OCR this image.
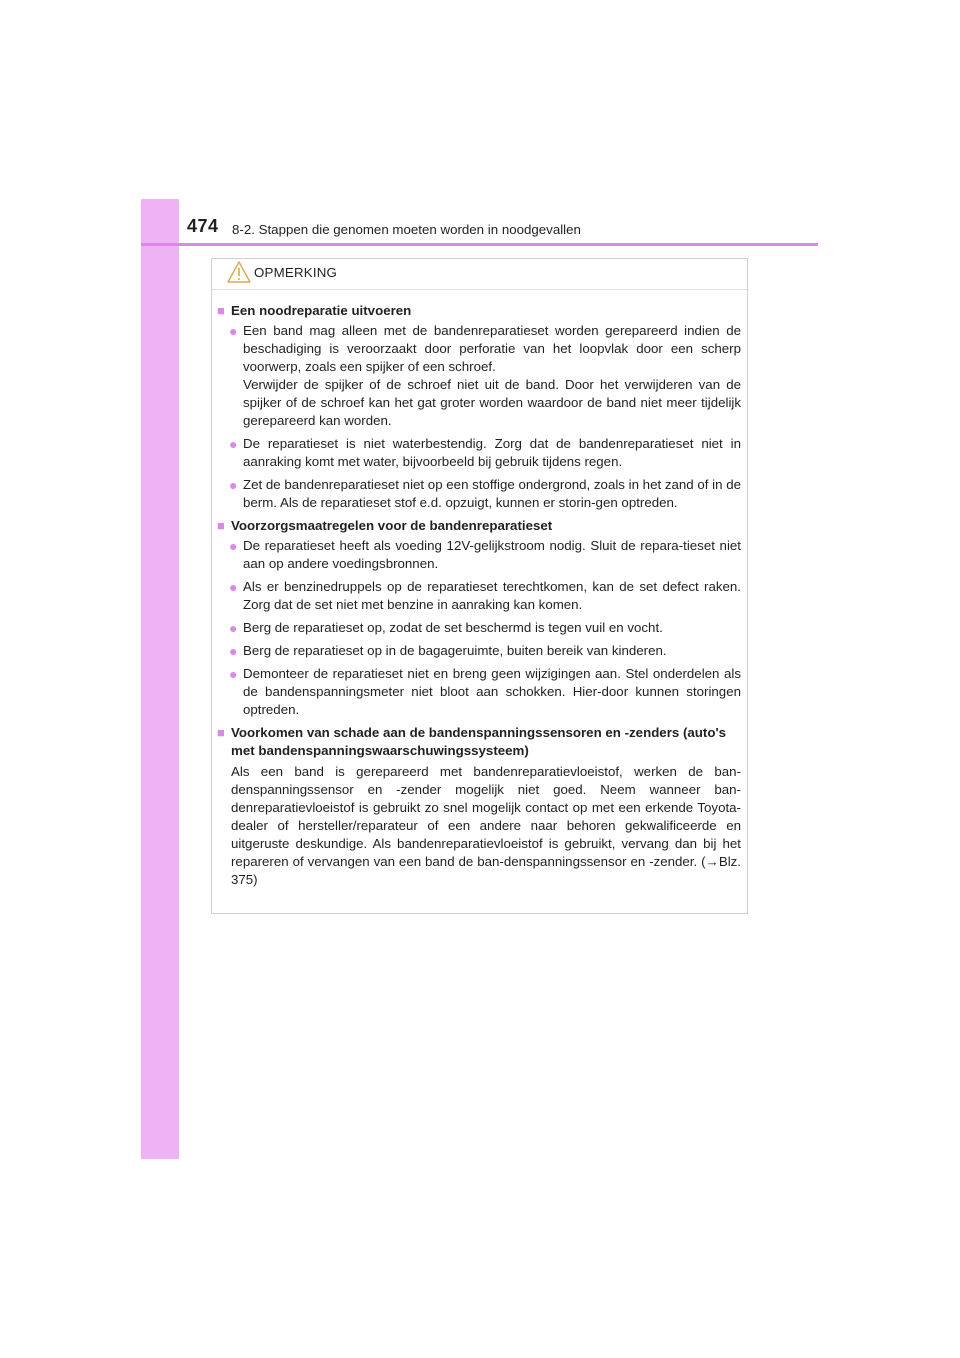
474 8-2. Stappen die genomen moeten worden in noodgevallen
OPMERKING
■ Een noodreparatie uitvoeren
● Een band mag alleen met de bandenreparatieset worden gerepareerd indien de beschadiging is veroorzaakt door perforatie van het loopvlak door een scherp voorwerp, zoals een spijker of een schroef.
Verwijder de spijker of de schroef niet uit de band. Door het verwijderen van de spijker of de schroef kan het gat groter worden waardoor de band niet meer tijdelijk gerepareerd kan worden.
● De reparatieset is niet waterbestendig. Zorg dat de bandenreparatieset niet in aanraking komt met water, bijvoorbeeld bij gebruik tijdens regen.
● Zet de bandenreparatieset niet op een stoffige ondergrond, zoals in het zand of in de berm. Als de reparatieset stof e.d. opzuigt, kunnen er storin-gen optreden.
■ Voorzorgsmaatregelen voor de bandenreparatieset
● De reparatieset heeft als voeding 12V-gelijkstroom nodig. Sluit de repara-tieset niet aan op andere voedingsbronnen.
● Als er benzinedruppels op de reparatieset terechtkomen, kan de set defect raken. Zorg dat de set niet met benzine in aanraking kan komen.
● Berg de reparatieset op, zodat de set beschermd is tegen vuil en vocht.
● Berg de reparatieset op in de bagageruimte, buiten bereik van kinderen.
● Demonteer de reparatieset niet en breng geen wijzigingen aan. Stel onderdelen als de bandenspanningsmeter niet bloot aan schokken. Hier-door kunnen storingen optreden.
■ Voorkomen van schade aan de bandenspanningssensoren en -zenders (auto's met bandenspanningswaarschuwingssysteem)
Als een band is gerepareerd met bandenreparatievloeistof, werken de ban-denspanningssensor en -zender mogelijk niet goed. Neem wanneer ban-denreparatievloeistof is gebruikt zo snel mogelijk contact op met een erkende Toyota-dealer of hersteller/reparateur of een andere naar behoren gekwalificeerde en uitgeruste deskundige. Als bandenreparatievloeistof is gebruikt, vervang dan bij het repareren of vervangen van een band de ban-denspanningssensor en -zender. (→Blz. 375)
